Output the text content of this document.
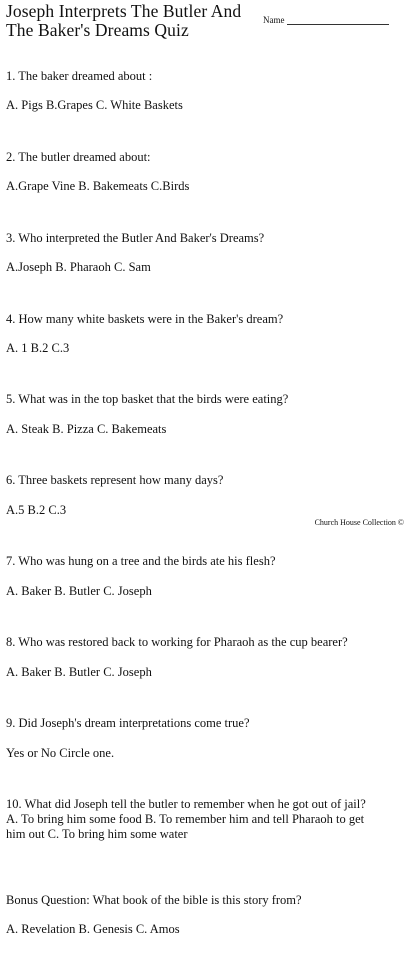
Joseph Interprets The Butler And
The Baker's Dreams Quiz	Name

1. The baker dreamed about :

A. Pigs B.Grapes C. White Baskets

2. The butler dreamed about:

A.Grape Vine B. Bakemeats C.Birds

3. Who interpreted the Butler And Baker's Dreams?

A.Joseph B. Pharaoh C. Sam

4. How many white baskets were in the Baker's dream?

A. 1 B.2 C.3

5. What was in the top basket that the birds were eating?

A. Steak B. Pizza C. Bakemeats

6. Three baskets represent how many days?

A.5 B.2 C.3

7. Who was hung on a tree and the birds ate his flesh?

A. Baker B. Butler C. Joseph

8. Who was restored back to working for Pharaoh as the cup bearer?

A. Baker B. Butler C. Joseph

9. Did Joseph's dream interpretations come true?

Yes or No Circle one.

10. What did Joseph tell the butler to remember when he got out of jail?
A. To bring him some food B. To remember him and tell Pharaoh to get
him out C. To bring him some water

Bonus Question: What book of the bible is this story from?

A. Revelation B. Genesis C. Amos

Church House Collection ©
